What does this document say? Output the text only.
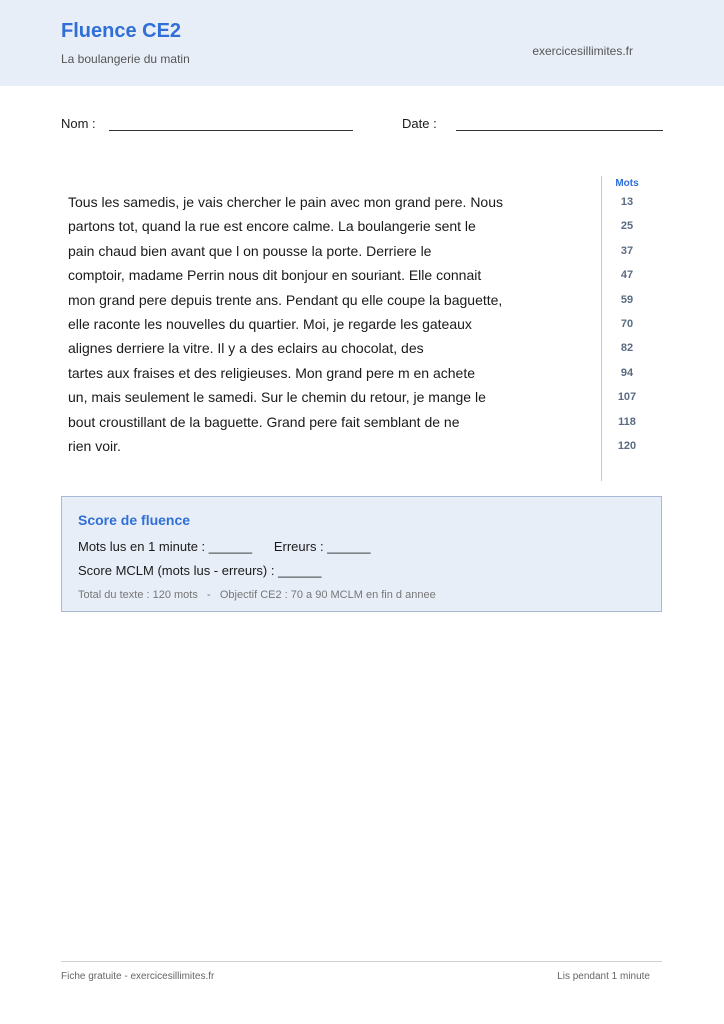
Fluence CE2
La boulangerie du matin
exercicesillimites.fr
Nom :	Date :
Tous les samedis, je vais chercher le pain avec mon grand pere. Nous
partons tot, quand la rue est encore calme. La boulangerie sent le
pain chaud bien avant que l on pousse la porte. Derriere le
comptoir, madame Perrin nous dit bonjour en souriant. Elle connait
mon grand pere depuis trente ans. Pendant qu elle coupe la baguette,
elle raconte les nouvelles du quartier. Moi, je regarde les gateaux
alignes derriere la vitre. Il y a des eclairs au chocolat, des
tartes aux fraises et des religieuses. Mon grand pere m en achete
un, mais seulement le samedi. Sur le chemin du retour, je mange le
bout croustillant de la baguette. Grand pere fait semblant de ne
rien voir.
Mots
13
25
37
47
59
70
82
94
107
118
120
Score de fluence
Mots lus en 1 minute : ______      Erreurs : ______
Score MCLM (mots lus - erreurs) : ______
Total du texte : 120 mots   -   Objectif CE2 : 70 a 90 MCLM en fin d annee
Fiche gratuite - exercicesillimites.fr	Lis pendant 1 minute
